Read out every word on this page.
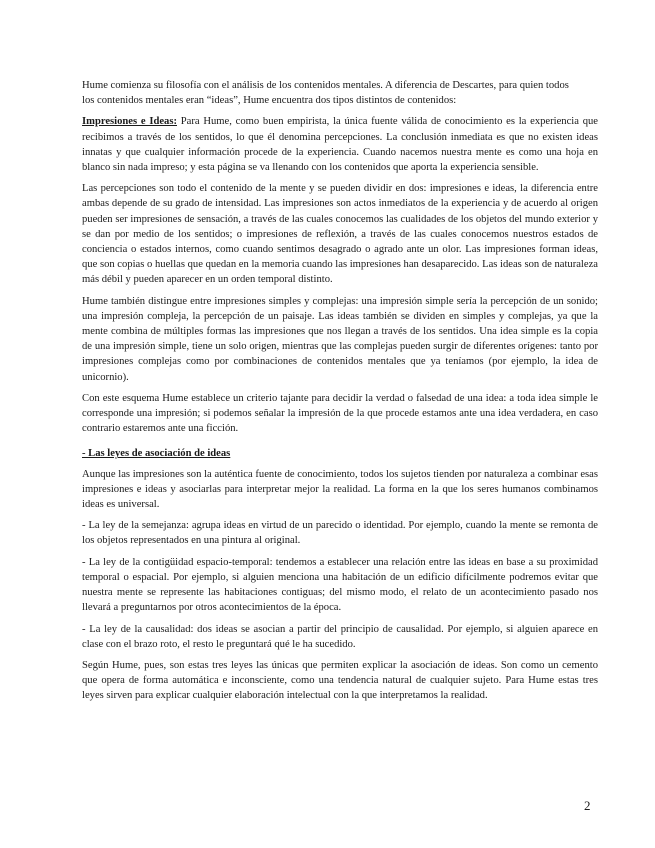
Hume comienza su filosofía con el análisis de los contenidos mentales. A diferencia de Descartes, para quien todos
los contenidos mentales eran “ideas”, Hume encuentra dos tipos distintos de contenidos:

Impresiones e Ideas: Para Hume, como buen empirista, la única fuente válida de conocimiento es la experiencia que recibimos a través de los sentidos, lo que él denomina percepciones. La conclusión inmediata es que no existen ideas innatas y que cualquier información procede de la experiencia. Cuando nacemos nuestra mente es como una hoja en blanco sin nada impreso; y esta página se va llenando con los contenidos que aporta la experiencia sensible.

Las percepciones son todo el contenido de la mente y se pueden dividir en dos: impresiones e ideas, la diferencia entre ambas depende de su grado de intensidad. Las impresiones son actos inmediatos de la experiencia y de acuerdo al origen pueden ser impresiones de sensación, a través de las cuales conocemos las cualidades de los objetos del mundo exterior y se dan por medio de los sentidos; o impresiones de reflexión, a través de las cuales conocemos nuestros estados de conciencia o estados internos, como cuando sentimos desagrado o agrado ante un olor. Las impresiones forman ideas, que son copias o huellas que quedan en la memoria cuando las impresiones han desaparecido. Las ideas son de naturaleza más débil y pueden aparecer en un orden temporal distinto.

Hume también distingue entre impresiones simples y complejas: una impresión simple sería la percepción de un sonido; una impresión compleja, la percepción de un paisaje. Las ideas también se dividen en simples y complejas, ya que la mente combina de múltiples formas las impresiones que nos llegan a través de los sentidos. Una idea simple es la copia de una impresión simple, tiene un solo origen, mientras que las complejas pueden surgir de diferentes orígenes: tanto por impresiones complejas como por combinaciones de contenidos mentales que ya teníamos (por ejemplo, la idea de unicornio).

Con este esquema Hume establece un criterio tajante para decidir la verdad o falsedad de una idea: a toda idea simple le corresponde una impresión; si podemos señalar la impresión de la que procede estamos ante una idea verdadera, en caso contrario estaremos ante una ficción.

- Las leyes de asociación de ideas

Aunque las impresiones son la auténtica fuente de conocimiento, todos los sujetos tienden por naturaleza a combinar esas impresiones e ideas y asociarlas para interpretar mejor la realidad. La forma en la que los seres humanos combinamos ideas es universal.

- La ley de la semejanza: agrupa ideas en virtud de un parecido o identidad. Por ejemplo, cuando la mente se remonta de los objetos representados en una pintura al original.

- La ley de la contigüidad espacio-temporal: tendemos a establecer una relación entre las ideas en base a su proximidad temporal o espacial. Por ejemplo, si alguien menciona una habitación de un edificio difícilmente podremos evitar que nuestra mente se represente las habitaciones contiguas; del mismo modo, el relato de un acontecimiento pasado nos llevará a preguntarnos por otros acontecimientos de la época.

- La ley de la causalidad: dos ideas se asocian a partir del principio de causalidad. Por ejemplo, si alguien aparece en clase con el brazo roto, el resto le preguntará qué le ha sucedido.

Según Hume, pues, son estas tres leyes las únicas que permiten explicar la asociación de ideas. Son como un cemento que opera de forma automática e inconsciente, como una tendencia natural de cualquier sujeto. Para Hume estas tres leyes sirven para explicar cualquier elaboración intelectual con la que interpretamos la realidad.

2
